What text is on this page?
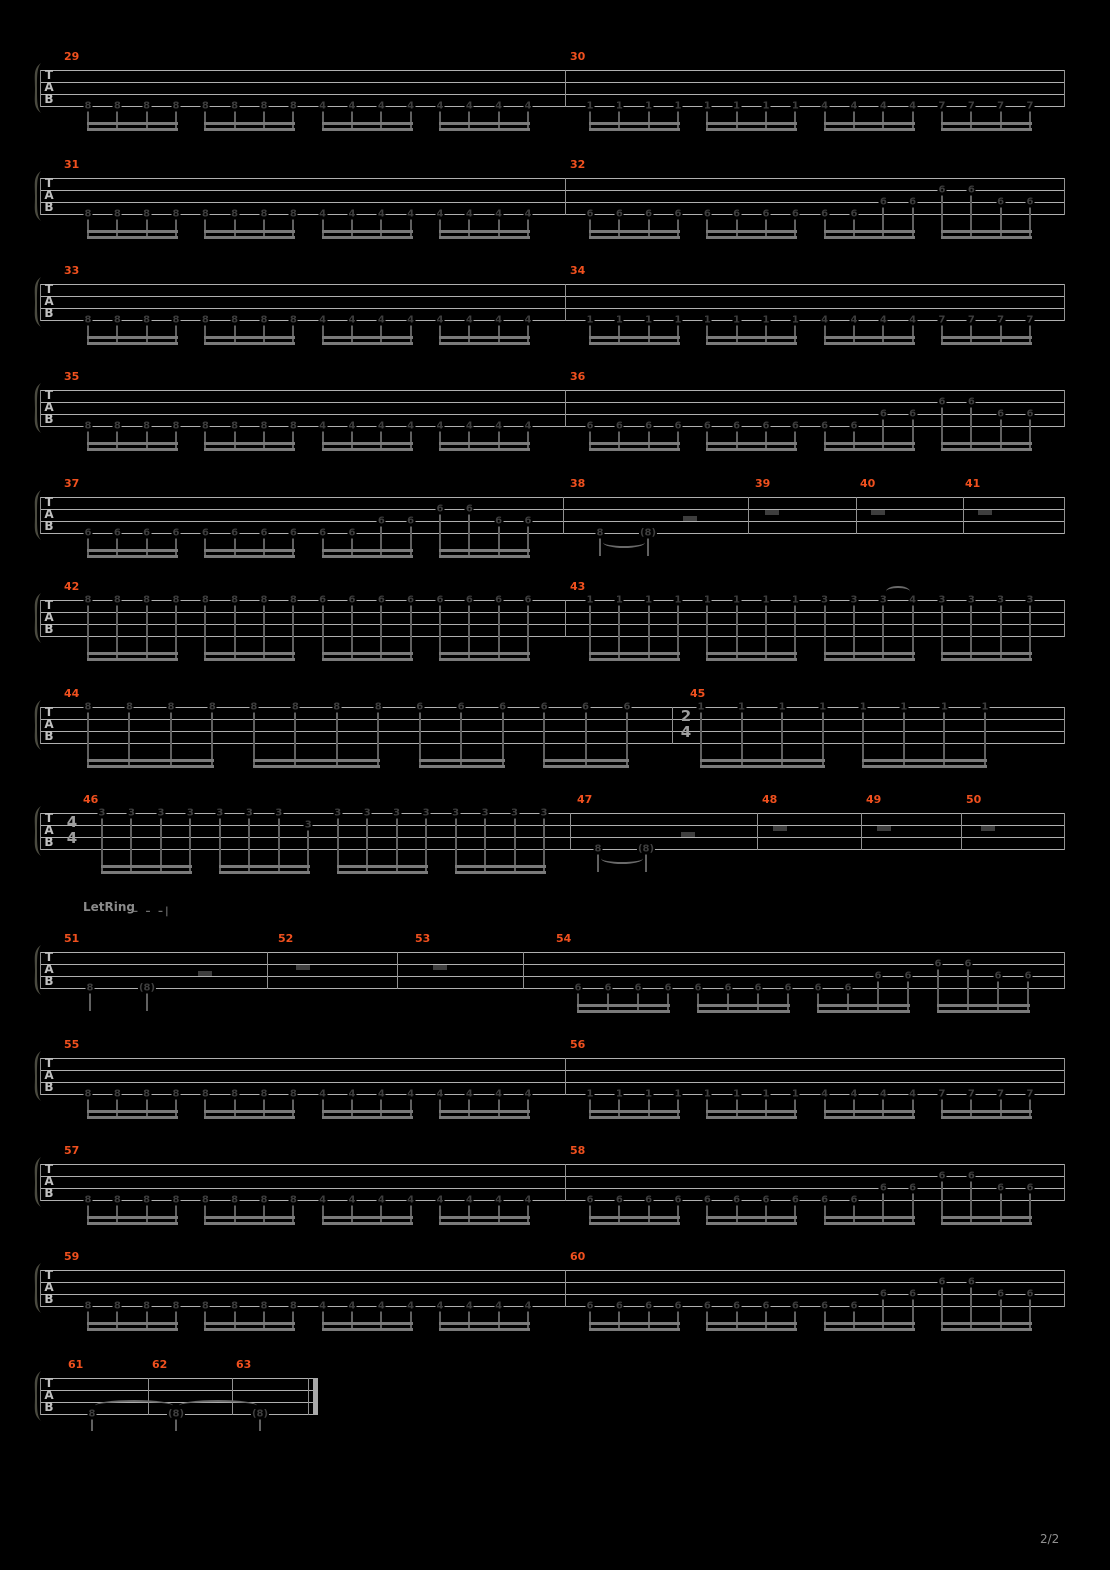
LetRing
– – –|
2/2
T
A
B
29	30
8 8 8 8 8 8 8 8 4 4 4 4 4 4 4 4	1 1 1 1 1 1 1 1 4 4 4 4 7 7 7 7
T
A
B
31	32
8 8 8 8 8 8 8 8 4 4 4 4 4 4 4 4	6 6 6 6 6 6 6 6 6 6
6 6
6 6
6 6
T
A
B
33	34
8 8 8 8 8 8 8 8 4 4 4 4 4 4 4 4	1 1 1 1 1 1 1 1 4 4 4 4 7 7 7 7
T
A
B
35	36
8 8 8 8 8 8 8 8 4 4 4 4 4 4 4 4	6 6 6 6 6 6 6 6 6 6
6 6
6 6
6 6
T
A
B
37	38	39	40	41
6 6 6 6 6 6 6 6 6 6
6 6
6 6
6 6
8	(8)
T
A
B
42	43
8 8 8 8 8 8 8 8 6 6 6 6 6 6 6 6	1 1 1 1 1 1 1 1 3 3 3 4 3 3 3 3
T
A
B
44	45
8	8	8	8	8	8	8	8	6	6	6	6	6	6	2
4
1	1	1	1	1	1	1	1
T
A
B
46	47	48	49	50
4
4
3 3 3 3 3 3 3
3
3 3 3 3 3 3 3 3
8	(8)
T
A
B
51	52	53	54
8	(8)	6 6 6 6 6 6 6 6 6 6
6 6
6 6
6 6
T
A
B
55	56
8 8 8 8 8 8 8 8 4 4 4 4 4 4 4 4	1 1 1 1 1 1 1 1 4 4 4 4 7 7 7 7
T
A
B
57	58
8 8 8 8 8 8 8 8 4 4 4 4 4 4 4 4	6 6 6 6 6 6 6 6 6 6
6 6
6 6
6 6
T
A
B
59	60
8 8 8 8 8 8 8 8 4 4 4 4 4 4 4 4	6 6 6 6 6 6 6 6 6 6
6 6
6 6
6 6
T
A
B
61	62	63
8	(8)	(8)
